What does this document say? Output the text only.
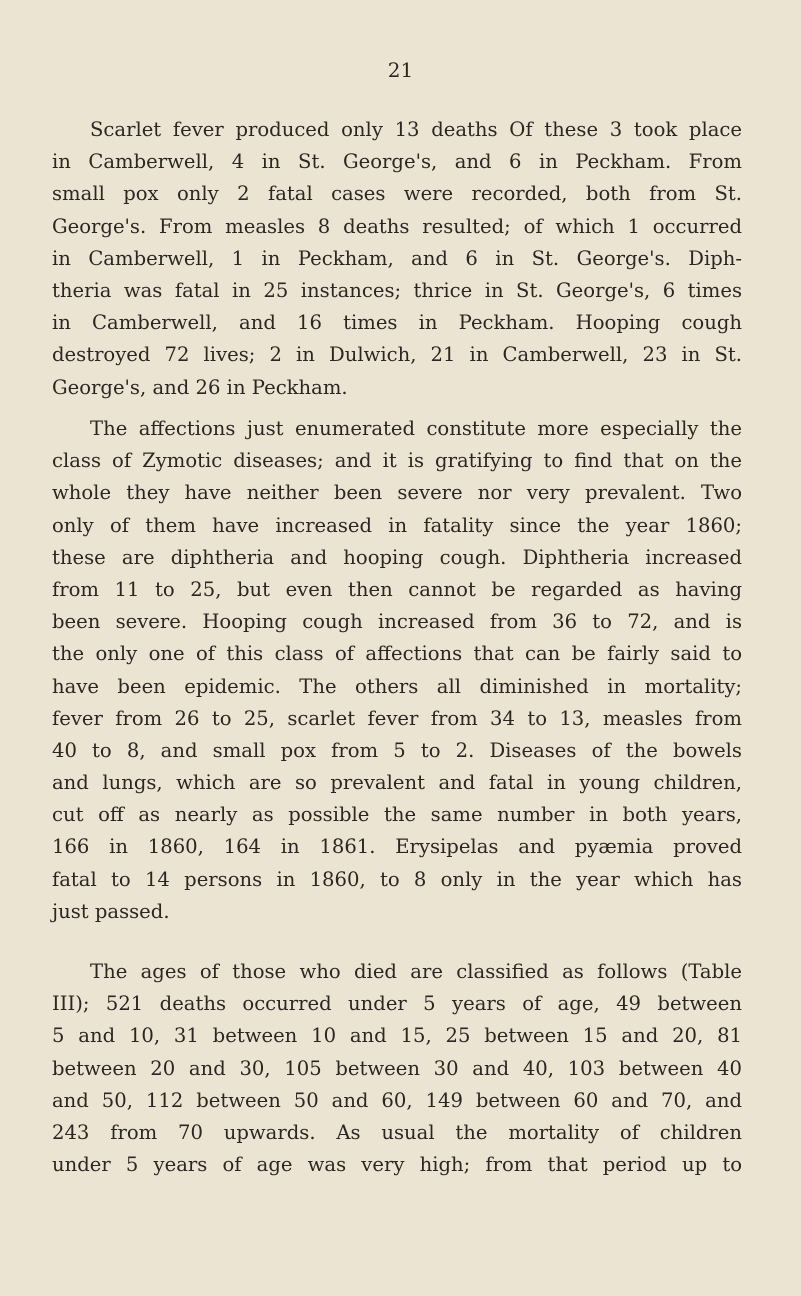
21
Scarlet fever produced only 13 deaths Of these 3 took place
in Camberwell, 4 in St. George's, and 6 in Peckham. From
small pox only 2 fatal cases were recorded, both from St.
George's. From measles 8 deaths resulted; of which 1 occurred
in Camberwell, 1 in Peckham, and 6 in St. George's. Diph-
theria was fatal in 25 instances; thrice in St. George's, 6 times
in Camberwell, and 16 times in Peckham. Hooping cough
destroyed 72 lives; 2 in Dulwich, 21 in Camberwell, 23 in St.
George's, and 26 in Peckham.
The affections just enumerated constitute more especially the
class of Zymotic diseases; and it is gratifying to find that on the
whole they have neither been severe nor very prevalent. Two
only of them have increased in fatality since the year 1860;
these are diphtheria and hooping cough. Diphtheria increased
from 11 to 25, but even then cannot be regarded as having
been severe. Hooping cough increased from 36 to 72, and is
the only one of this class of affections that can be fairly said to
have been epidemic. The others all diminished in mortality;
fever from 26 to 25, scarlet fever from 34 to 13, measles from
40 to 8, and small pox from 5 to 2. Diseases of the bowels
and lungs, which are so prevalent and fatal in young children,
cut off as nearly as possible the same number in both years,
166 in 1860, 164 in 1861. Erysipelas and pyæmia proved
fatal to 14 persons in 1860, to 8 only in the year which has
just passed.
The ages of those who died are classified as follows (Table
III); 521 deaths occurred under 5 years of age, 49 between
5 and 10, 31 between 10 and 15, 25 between 15 and 20, 81
between 20 and 30, 105 between 30 and 40, 103 between 40
and 50, 112 between 50 and 60, 149 between 60 and 70, and
243 from 70 upwards. As usual the mortality of children
under 5 years of age was very high; from that period up to
